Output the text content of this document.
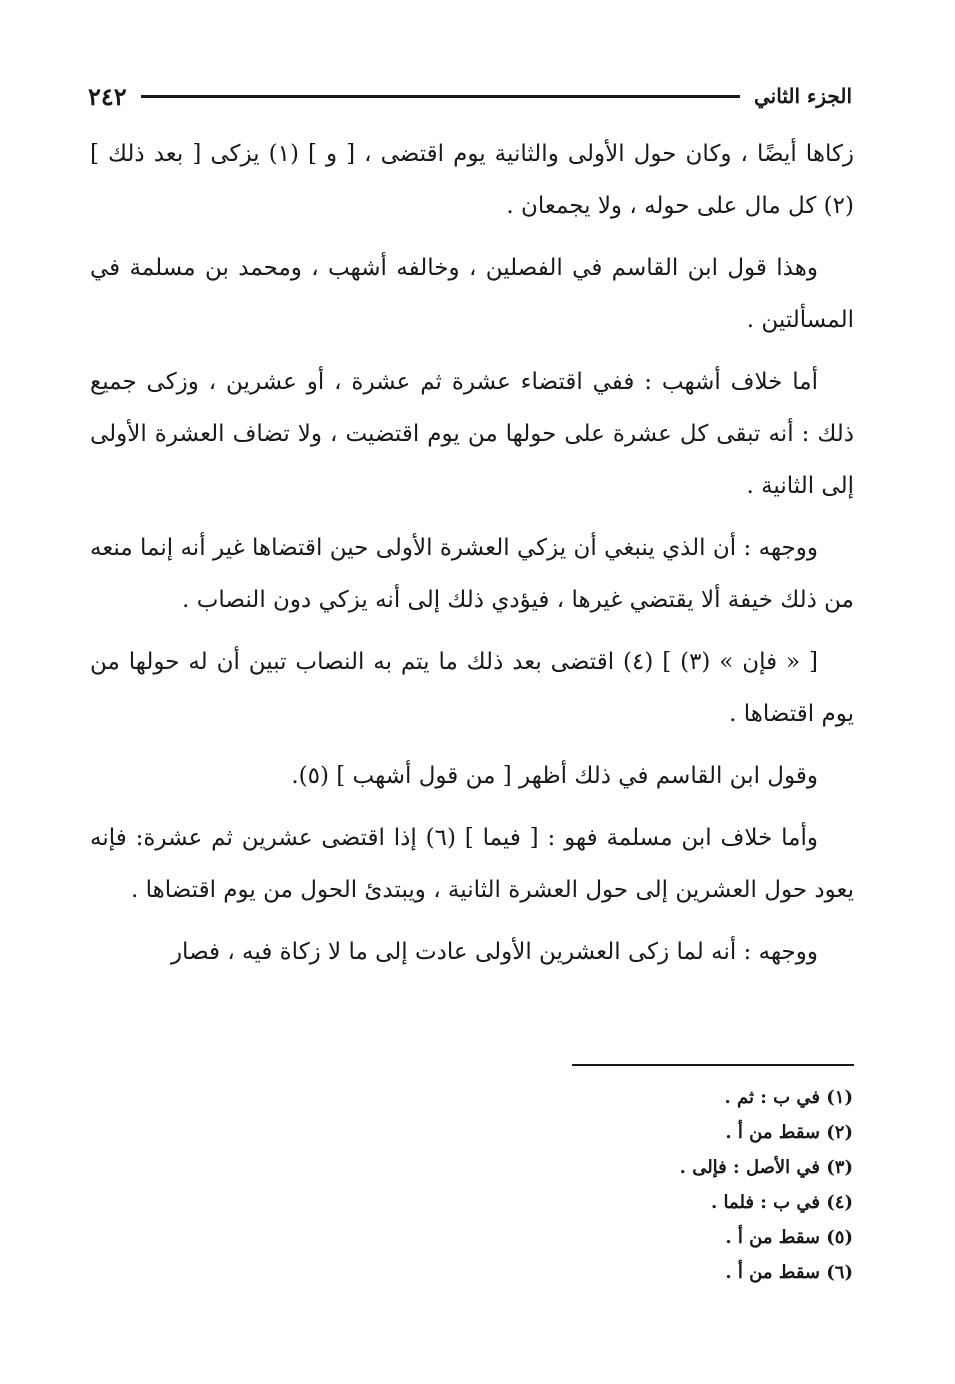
٢٤٢	الجزء الثاني

زكاها أيضًا ، وكان حول الأولى والثانية يوم اقتضى ، [ و ] (١) يزكى [ بعد ذلك ] (٢) كل مال على حوله ، ولا يجمعان .

وهذا قول ابن القاسم في الفصلين ، وخالفه أشهب ، ومحمد بن مسلمة في المسألتين .

أما خلاف أشهب : ففي اقتضاء عشرة ثم عشرة ، أو عشرين ، وزكى جميع ذلك : أنه تبقى كل عشرة على حولها من يوم اقتضيت ، ولا تضاف العشرة الأولى إلى الثانية .

ووجهه : أن الذي ينبغي أن يزكي العشرة الأولى حين اقتضاها غير أنه إنما منعه من ذلك خيفة ألا يقتضي غيرها ، فيؤدي ذلك إلى أنه يزكي دون النصاب .

[ « فإن » (٣) ] (٤) اقتضى بعد ذلك ما يتم به النصاب تبين أن له حولها من يوم اقتضاها .

وقول ابن القاسم في ذلك أظهر [ من قول أشهب ] (٥).

وأما خلاف ابن مسلمة فهو : [ فيما ] (٦) إذا اقتضى عشرين ثم عشرة: فإنه يعود حول العشرين إلى حول العشرة الثانية ، ويبتدئ الحول من يوم اقتضاها .

ووجهه : أنه لما زكى العشرين الأولى عادت إلى ما لا زكاة فيه ، فصار

(١) في ب : ثم .
(٢) سقط من أ .
(٣) في الأصل : فإلى .
(٤) في ب : فلما .
(٥) سقط من أ .
(٦) سقط من أ .
